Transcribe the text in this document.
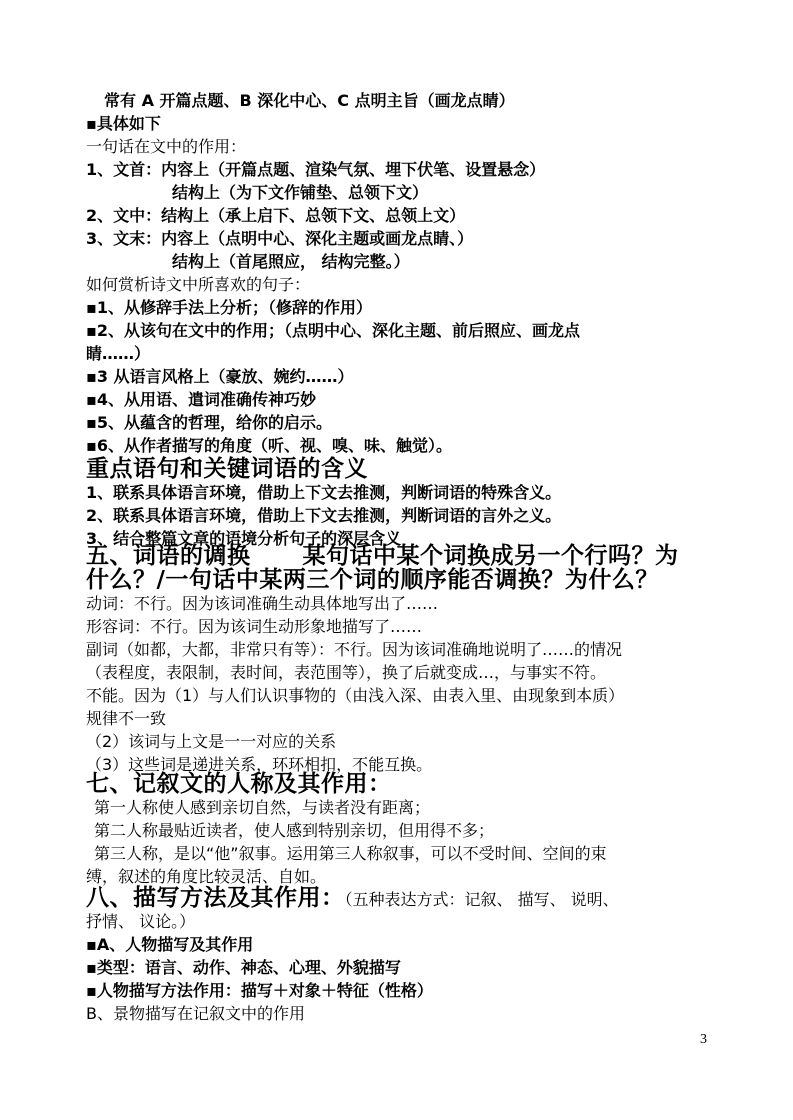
常有 A 开篇点题、B 深化中心、C 点明主旨（画龙点睛）
▪具体如下
一句话在文中的作用：
1、文首：内容上（开篇点题、渲染气氛、埋下伏笔、设置悬念）
结构上（为下文作铺垫、总领下文）
2、文中：结构上（承上启下、总领下文、总领上文）
3、文末：内容上（点明中心、深化主题或画龙点睛、）
结构上（首尾照应， 结构完整。）
如何赏析诗文中所喜欢的句子：
▪1、从修辞手法上分析；（修辞的作用）
▪2、从该句在文中的作用；（点明中心、深化主题、前后照应、画龙点
睛……）
▪3 从语言风格上（豪放、婉约……）
▪4、从用语、遣词准确传神巧妙
▪5、从蕴含的哲理，给你的启示。
▪6、从作者描写的角度（听、视、嗅、味、触觉）。
重点语句和关键词语的含义
1、联系具体语言环境，借助上下文去推测，判断词语的特殊含义。
2、联系具体语言环境，借助上下文去推测，判断词语的言外之义。
3、结合整篇文章的语境分析句子的深层含义
五、词语的调换 某句话中某个词换成另一个行吗？为
什么？/一句话中某两三个词的顺序能否调换？为什么？
动词：不行。因为该词准确生动具体地写出了……
形容词：不行。因为该词生动形象地描写了……
副词（如都，大都，非常只有等）：不行。因为该词准确地说明了……的情况
（表程度，表限制，表时间，表范围等），换了后就变成…，与事实不符。
不能。因为（1）与人们认识事物的（由浅入深、由表入里、由现象到本质）
规律不一致
（2）该词与上文是一一对应的关系
（3）这些词是递进关系，环环相扣，不能互换。
七、记叙文的人称及其作用：
第一人称使人感到亲切自然，与读者没有距离；
第二人称最贴近读者，使人感到特别亲切，但用得不多；
第三人称，是以“他”叙事。运用第三人称叙事，可以不受时间、空间的束
缚，叙述的角度比较灵活、自如。
八、描写方法及其作用：（五种表达方式：记叙、 描写、 说明、
抒情、 议论。）
▪A、人物描写及其作用
▪类型：语言、动作、神态、心理、外貌描写
▪人物描写方法作用：描写＋对象＋特征（性格）
B、景物描写在记叙文中的作用
3
